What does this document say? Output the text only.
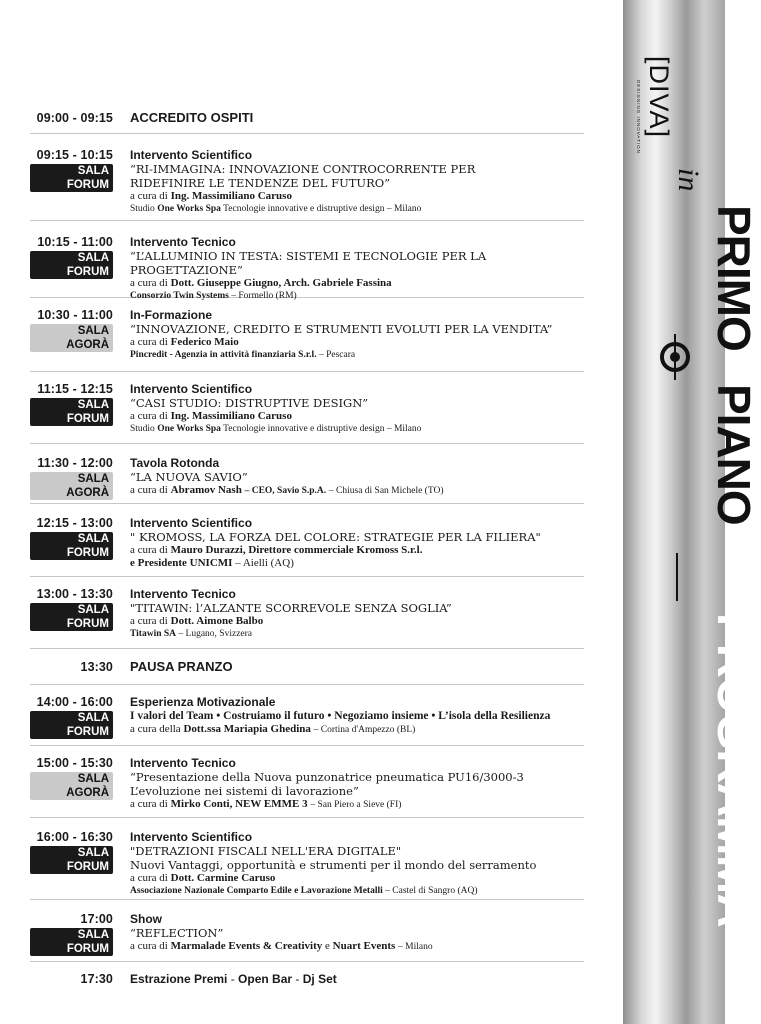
[DIVA]
DESIGNING INNOVATION
in
PRIMO
PIANO
PROGRAMMA
09:00 - 09:15	ACCREDITO OSPITI
09:15 - 10:15
SALA FORUM
Intervento Scientifico
“RI-IMMAGINA: INNOVAZIONE CONTROCORRENTE PER RIDEFINIRE LE TENDENZE DEL FUTURO”
a cura di Ing. Massimiliano Caruso
Studio One Works Spa Tecnologie innovative e distruptive design – Milano
10:15 - 11:00
SALA FORUM
Intervento Tecnico
“L’ALLUMINIO IN TESTA: SISTEMI E TECNOLOGIE PER LA PROGETTAZIONE”
a cura di Dott. Giuseppe Giugno, Arch. Gabriele Fassina
Consorzio Twin Systems – Formello (RM)
10:30 - 11:00
SALA AGORÀ
In-Formazione
“INNOVAZIONE, CREDITO E STRUMENTI EVOLUTI PER LA VENDITA”
a cura di Federico Maio
Pincredit - Agenzia in attività finanziaria S.r.l. – Pescara
11:15 - 12:15
SALA FORUM
Intervento Scientifico
“CASI STUDIO: DISTRUPTIVE DESIGN”
a cura di Ing. Massimiliano Caruso
Studio One Works Spa Tecnologie innovative e distruptive design – Milano
11:30 - 12:00
SALA AGORÀ
Tavola Rotonda
“LA NUOVA SAVIO”
a cura di Abramov Nash – CEO, Savio S.p.A. – Chiusa di San Michele (TO)
12:15 - 13:00
SALA FORUM
Intervento Scientifico
" KROMOSS, LA FORZA DEL COLORE: STRATEGIE PER LA FILIERA"
a cura di Mauro Durazzi, Direttore commerciale Kromoss S.r.l.
e Presidente UNICMI – Aielli (AQ)
13:00 - 13:30
SALA FORUM
Intervento Tecnico
"TITAWIN: l’ALZANTE SCORREVOLE SENZA SOGLIA”
a cura di Dott. Aimone Balbo
Titawin SA – Lugano, Svizzera
13:30	PAUSA PRANZO
14:00 - 16:00
SALA FORUM
Esperienza Motivazionale
I valori del Team • Costruiamo il futuro • Negoziamo insieme • L’isola della Resilienza
a cura della Dott.ssa Mariapia Ghedina – Cortina d'Ampezzo (BL)
15:00 - 15:30
SALA AGORÀ
Intervento Tecnico
“Presentazione della Nuova punzonatrice pneumatica PU16/3000-3
L’evoluzione nei sistemi di lavorazione”
a cura di Mirko Conti, NEW EMME 3 – San Piero a Sieve (FI)
16:00 - 16:30
SALA FORUM
Intervento Scientifico
"DETRAZIONI FISCALI NELL'ERA DIGITALE"
Nuovi Vantaggi, opportunità e strumenti per il mondo del serramento
a cura di Dott. Carmine Caruso
Associazione Nazionale Comparto Edile e Lavorazione Metalli – Castel di Sangro (AQ)
17:00
SALA FORUM
Show
“REFLECTION”
a cura di Marmalade Events & Creativity e Nuart Events – Milano
17:30	Estrazione Premi - Open Bar - Dj Set
